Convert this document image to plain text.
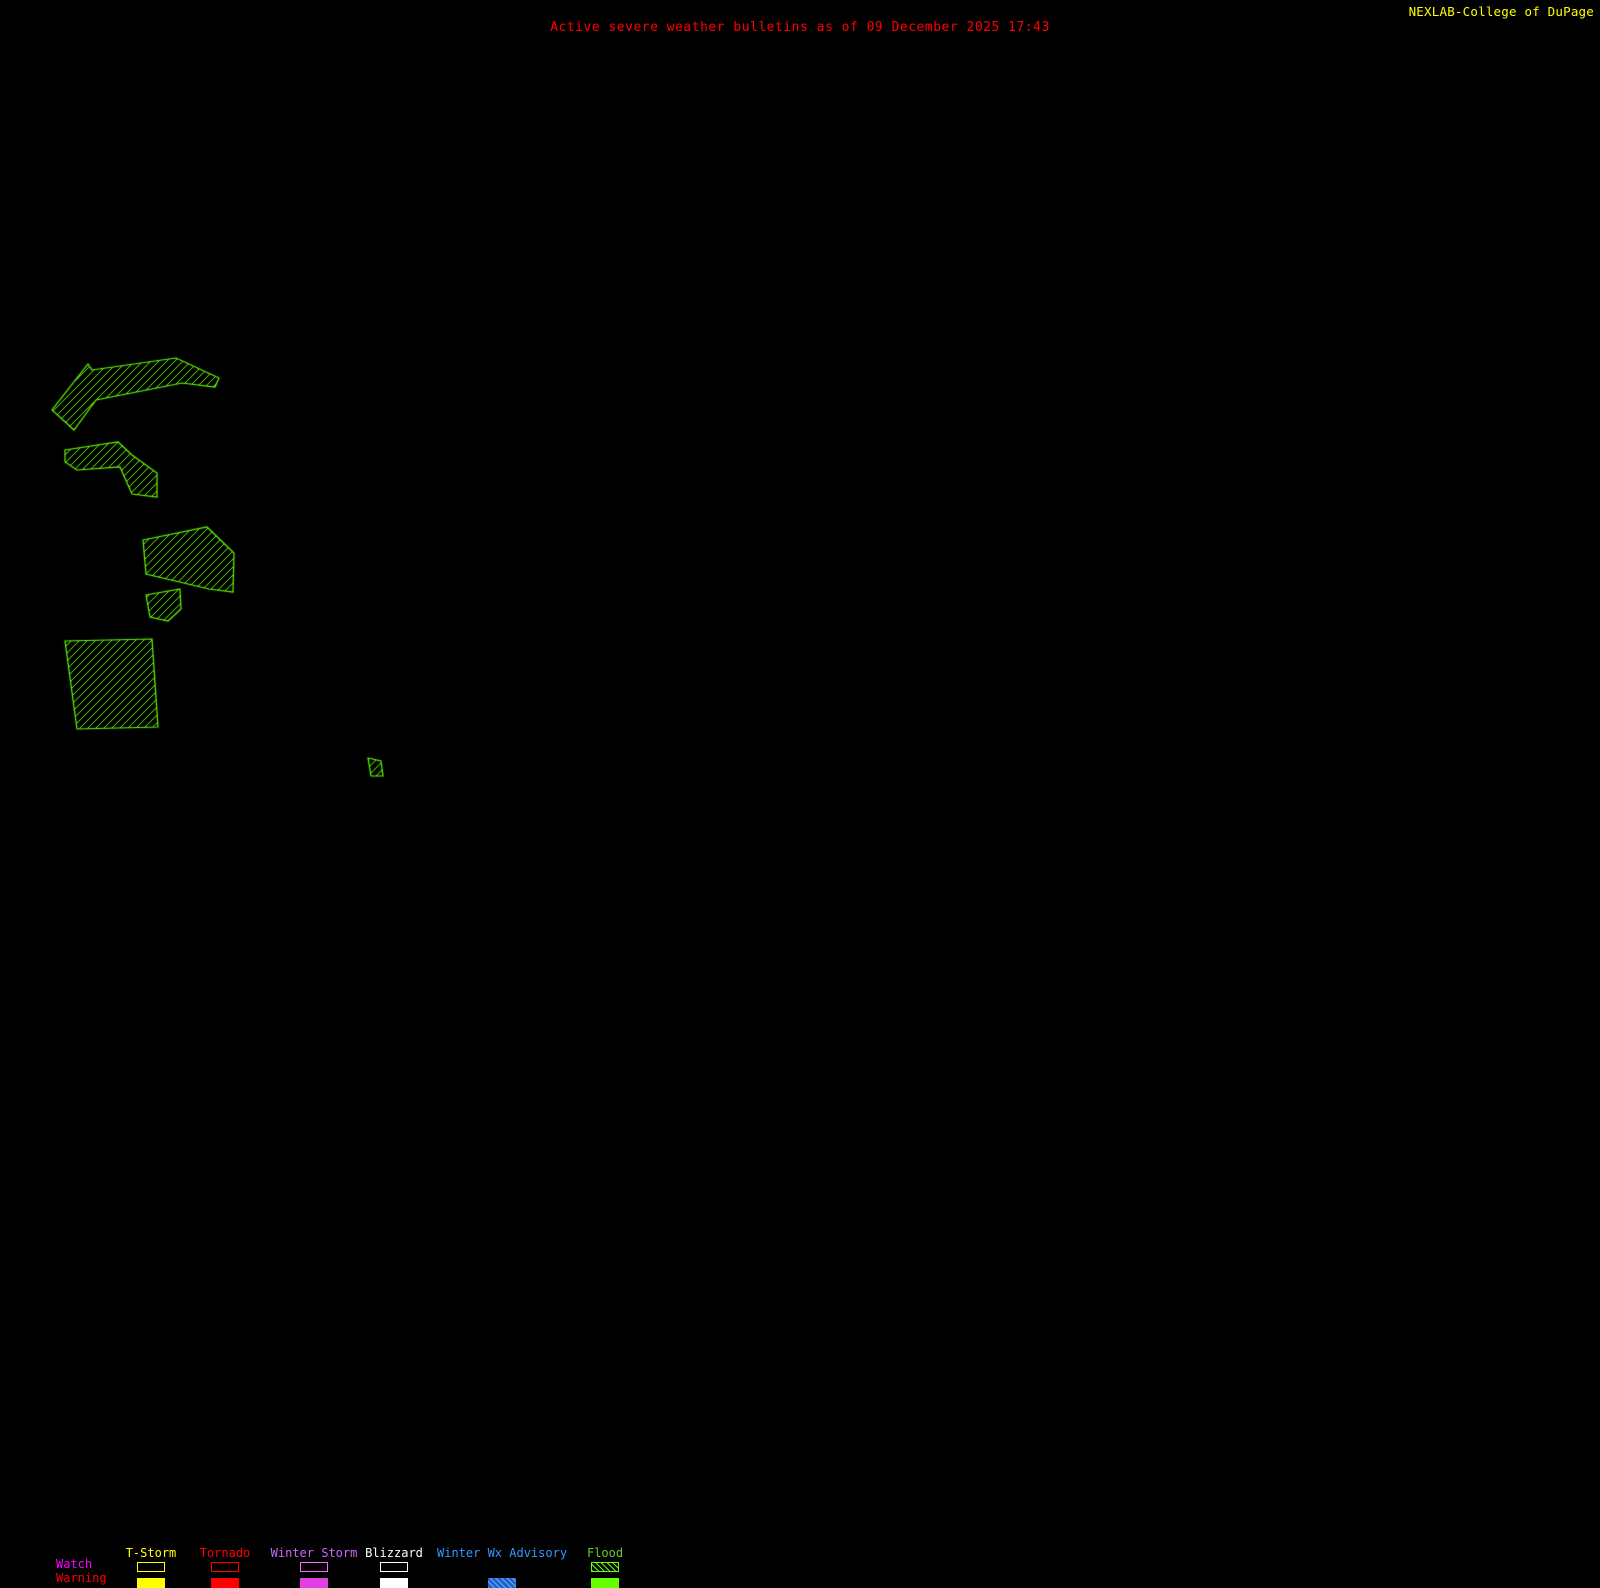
Active severe weather bulletins as of 09 December 2025 17:43
NEXLAB-College of DuPage
Watch
Warning
T-Storm	Tornado	Winter Storm Blizzard	Winter Wx Advisory	Flood
